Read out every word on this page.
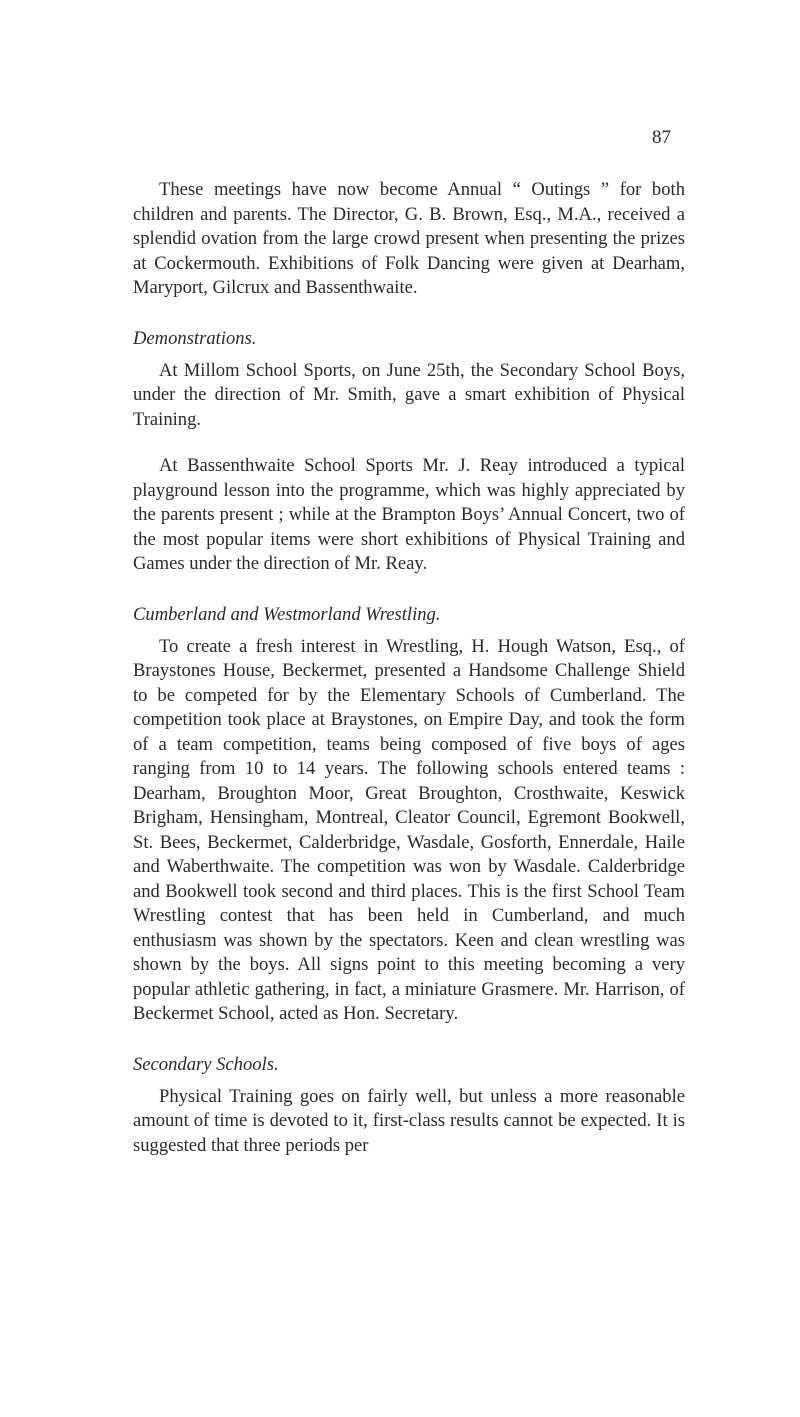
87

These meetings have now become Annual “ Outings ” for both children and parents. The Director, G. B. Brown, Esq., M.A., received a splendid ovation from the large crowd present when presenting the prizes at Cockermouth. Exhibitions of Folk Dancing were given at Dearham, Maryport, Gilcrux and Bassenthwaite.

Demonstrations.

At Millom School Sports, on June 25th, the Secondary School Boys, under the direction of Mr. Smith, gave a smart exhibition of Physical Training.

At Bassenthwaite School Sports Mr. J. Reay introduced a typical playground lesson into the programme, which was highly appreciated by the parents present ; while at the Brampton Boys’ Annual Concert, two of the most popular items were short exhibitions of Physical Training and Games under the direction of Mr. Reay.

Cumberland and Westmorland Wrestling.

To create a fresh interest in Wrestling, H. Hough Watson, Esq., of Braystones House, Beckermet, presented a Handsome Challenge Shield to be competed for by the Elementary Schools of Cumberland. The competition took place at Braystones, on Empire Day, and took the form of a team competition, teams being composed of five boys of ages ranging from 10 to 14 years. The following schools entered teams : Dearham, Broughton Moor, Great Broughton, Crosthwaite, Keswick Brigham, Hensingham, Montreal, Cleator Council, Egremont Bookwell, St. Bees, Beckermet, Calderbridge, Wasdale, Gosforth, Ennerdale, Haile and Waberthwaite. The competition was won by Wasdale. Calderbridge and Bookwell took second and third places. This is the first School Team Wrestling contest that has been held in Cumberland, and much enthusiasm was shown by the spectators. Keen and clean wrestling was shown by the boys. All signs point to this meeting becoming a very popular athletic gathering, in fact, a miniature Grasmere. Mr. Harrison, of Beckermet School, acted as Hon. Secretary.

Secondary Schools.

Physical Training goes on fairly well, but unless a more reasonable amount of time is devoted to it, first-class results cannot be expected. It is suggested that three periods per
